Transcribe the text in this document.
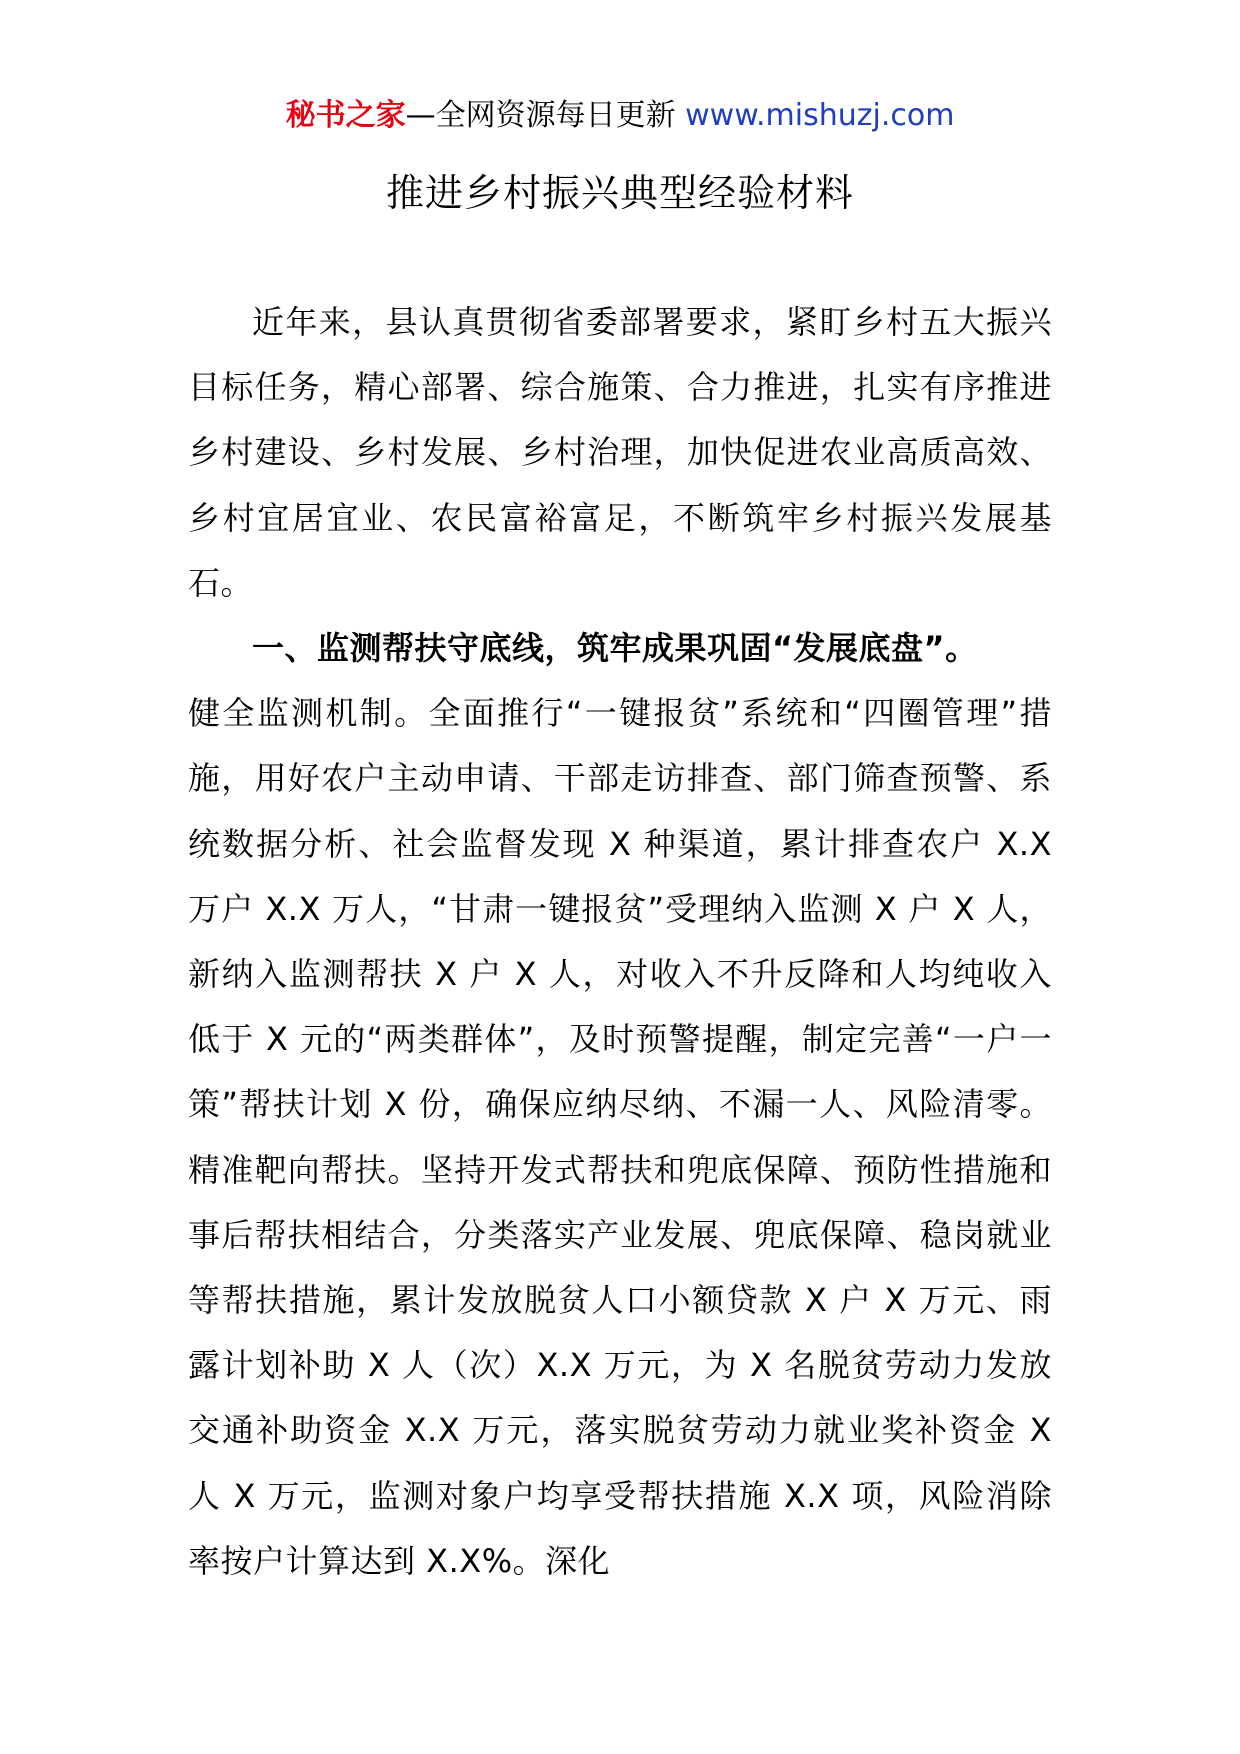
秘书之家—全网资源每日更新 www.mishuzj.com
推进乡村振兴典型经验材料

近年来，县认真贯彻省委部署要求，紧盯乡村五大振兴目标任务，精心部署、综合施策、合力推进，扎实有序推进乡村建设、乡村发展、乡村治理，加快促进农业高质高效、乡村宜居宜业、农民富裕富足，不断筑牢乡村振兴发展基石。

一、监测帮扶守底线，筑牢成果巩固“发展底盘”。

健全监测机制。全面推行“一键报贫”系统和“四圈管理”措施，用好农户主动申请、干部走访排查、部门筛查预警、系统数据分析、社会监督发现 X 种渠道，累计排查农户 X.X 万户 X.X 万人，“甘肃一键报贫”受理纳入监测 X 户 X 人，新纳入监测帮扶 X 户 X 人，对收入不升反降和人均纯收入低于 X 元的“两类群体”，及时预警提醒，制定完善“一户一策”帮扶计划 X 份，确保应纳尽纳、不漏一人、风险清零。精准靶向帮扶。坚持开发式帮扶和兜底保障、预防性措施和事后帮扶相结合，分类落实产业发展、兜底保障、稳岗就业等帮扶措施，累计发放脱贫人口小额贷款 X 户 X 万元、雨露计划补助 X 人（次）X.X 万元，为 X 名脱贫劳动力发放交通补助资金 X.X 万元，落实脱贫劳动力就业奖补资金 X 人 X 万元，监测对象户均享受帮扶措施 X.X 项，风险消除率按户计算达到 X.X%。深化
